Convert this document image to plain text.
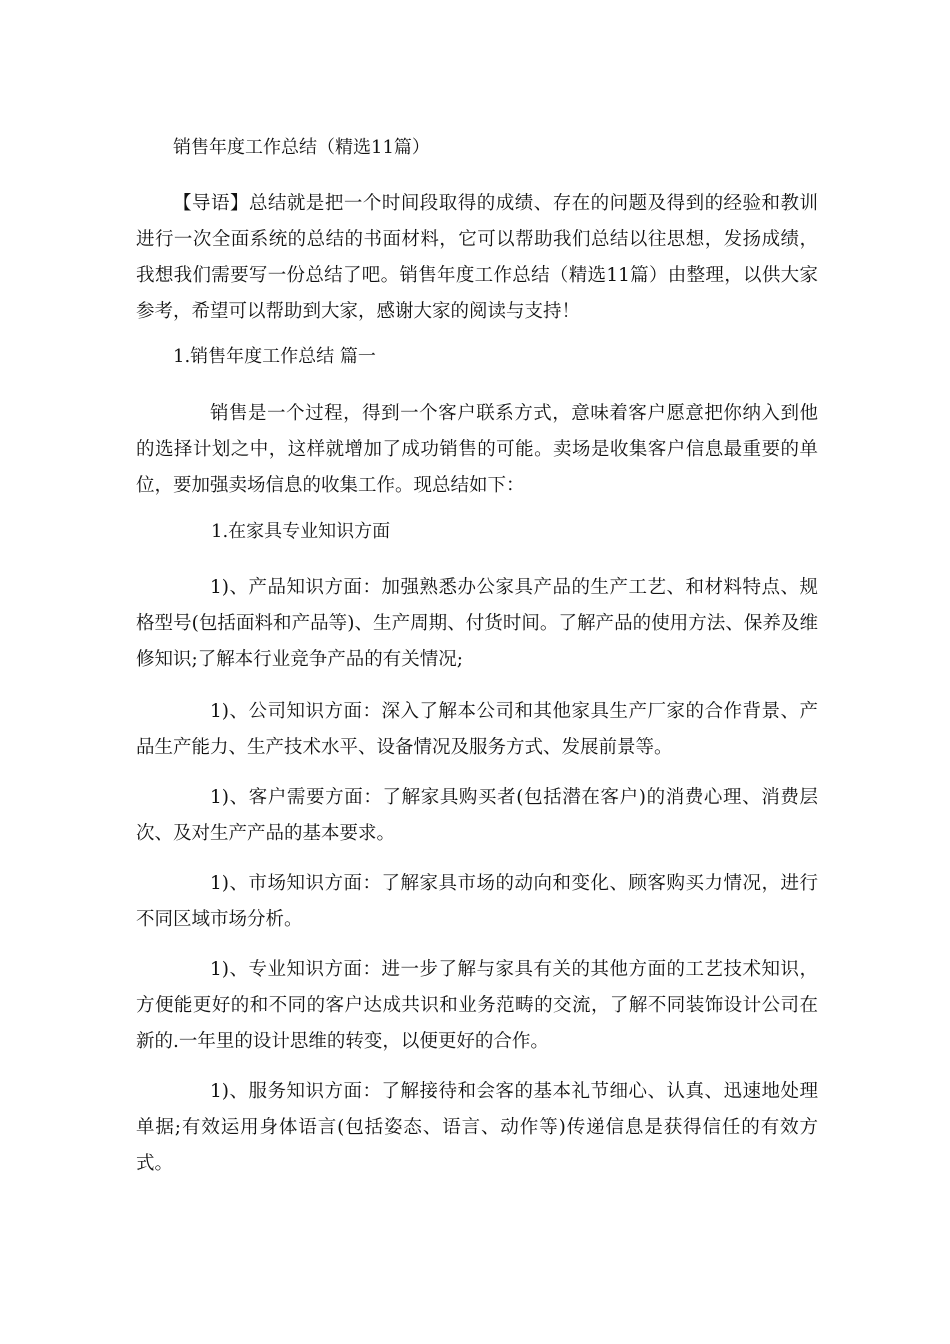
销售年度工作总结（精选11篇）

【导语】总结就是把一个时间段取得的成绩、存在的问题及得到的经验和教训进行一次全面系统的总结的书面材料，它可以帮助我们总结以往思想，发扬成绩，我想我们需要写一份总结了吧。销售年度工作总结（精选11篇）由整理，以供大家参考，希望可以帮助到大家，感谢大家的阅读与支持！

1.销售年度工作总结 篇一

销售是一个过程，得到一个客户联系方式，意味着客户愿意把你纳入到他的选择计划之中，这样就增加了成功销售的可能。卖场是收集客户信息最重要的单位，要加强卖场信息的收集工作。现总结如下：

1.在家具专业知识方面

1)、产品知识方面：加强熟悉办公家具产品的生产工艺、和材料特点、规格型号(包括面料和产品等)、生产周期、付货时间。了解产品的使用方法、保养及维修知识;了解本行业竞争产品的有关情况;

1)、公司知识方面：深入了解本公司和其他家具生产厂家的合作背景、产品生产能力、生产技术水平、设备情况及服务方式、发展前景等。

1)、客户需要方面：了解家具购买者(包括潜在客户)的消费心理、消费层次、及对生产产品的基本要求。

1)、市场知识方面：了解家具市场的动向和变化、顾客购买力情况，进行不同区域市场分析。

1)、专业知识方面：进一步了解与家具有关的其他方面的工艺技术知识，方便能更好的和不同的客户达成共识和业务范畴的交流，了解不同装饰设计公司在新的.一年里的设计思维的转变，以便更好的合作。

1)、服务知识方面：了解接待和会客的基本礼节细心、认真、迅速地处理单据;有效运用身体语言(包括姿态、语言、动作等)传递信息是获得信任的有效方式。
